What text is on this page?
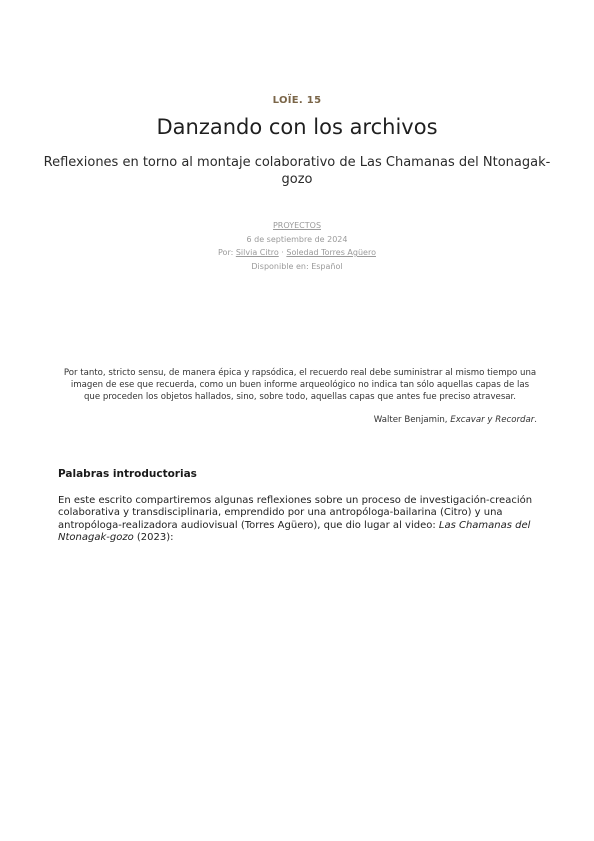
LOÏE. 15
Danzando con los archivos

Reflexiones en torno al montaje colaborativo de Las Chamanas del Ntonagak-gozo

PROYECTOS
6 de septiembre de 2024
Por: Silvia Citro · Soledad Torres Agüero
Disponible en: Español
Por tanto, stricto sensu, de manera épica y rapsódica, el recuerdo real debe suministrar al mismo tiempo una imagen de ese que recuerda, como un buen informe arqueológico no indica tan sólo aquellas capas de las que proceden los objetos hallados, sino, sobre todo, aquellas capas que antes fue preciso atravesar.
Walter Benjamin, Excavar y Recordar.
Palabras introductorias

En este escrito compartiremos algunas reflexiones sobre un proceso de investigación-creación colaborativa y transdisciplinaria, emprendido por una antropóloga-bailarina (Citro) y una antropóloga-realizadora audiovisual (Torres Agüero), que dio lugar al video: Las Chamanas del Ntonagak-gozo (2023):
